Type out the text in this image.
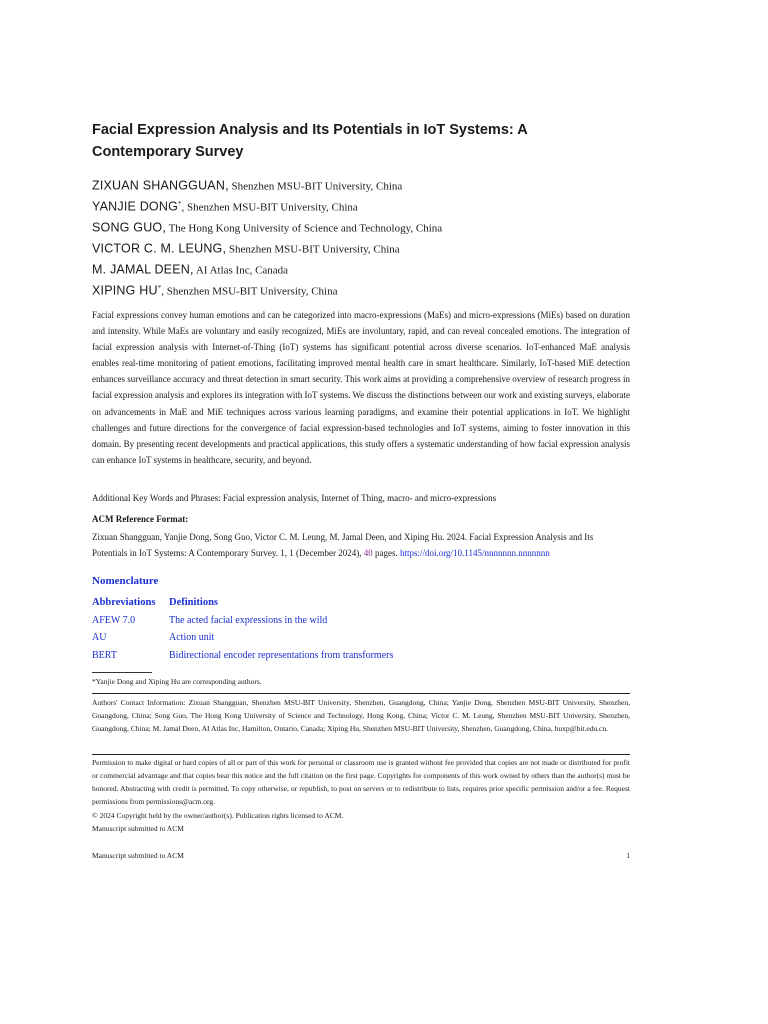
Facial Expression Analysis and Its Potentials in IoT Systems: A Contemporary Survey
ZIXUAN SHANGGUAN, Shenzhen MSU-BIT University, China
YANJIE DONG*, Shenzhen MSU-BIT University, China
SONG GUO, The Hong Kong University of Science and Technology, China
VICTOR C. M. LEUNG, Shenzhen MSU-BIT University, China
M. JAMAL DEEN, AI Atlas Inc, Canada
XIPING HU*, Shenzhen MSU-BIT University, China

Facial expressions convey human emotions and can be categorized into macro-expressions (MaEs) and micro-expressions (MiEs) based on duration and intensity. While MaEs are voluntary and easily recognized, MiEs are involuntary, rapid, and can reveal concealed emotions. The integration of facial expression analysis with Internet-of-Thing (IoT) systems has significant potential across diverse scenarios. IoT-enhanced MaE analysis enables real-time monitoring of patient emotions, facilitating improved mental health care in smart healthcare. Similarly, IoT-based MiE detection enhances surveillance accuracy and threat detection in smart security. This work aims at providing a comprehensive overview of research progress in facial expression analysis and explores its integration with IoT systems. We discuss the distinctions between our work and existing surveys, elaborate on advancements in MaE and MiE techniques across various learning paradigms, and examine their potential applications in IoT. We highlight challenges and future directions for the convergence of facial expression-based technologies and IoT systems, aiming to foster innovation in this domain. By presenting recent developments and practical applications, this study offers a systematic understanding of how facial expression analysis can enhance IoT systems in healthcare, security, and beyond.

Additional Key Words and Phrases: Facial expression analysis, Internet of Thing, macro- and micro-expressions
ACM Reference Format:

Zixuan Shangguan, Yanjie Dong, Song Guo, Victor C. M. Leung, M. Jamal Deen, and Xiping Hu. 2024. Facial Expression Analysis and Its Potentials in IoT Systems: A Contemporary Survey. 1, 1 (December 2024), 40 pages. https://doi.org/10.1145/nnnnnnn.nnnnnnn

Nomenclature
Abbreviations	Definitions
AFEW 7.0	The acted facial expressions in the wild
AU	Action unit
BERT	Bidirectional encoder representations from transformers
*Yanjie Dong and Xiping Hu are corresponding authors.

Authors' Contact Information: Zixuan Shangguan, Shenzhen MSU-BIT University, Shenzhen, Guangdong, China; Yanjie Dong, Shenzhen MSU-BIT University, Shenzhen, Guangdong, China; Song Guo, The Hong Kong University of Science and Technology, Hong Kong, China; Victor C. M. Leung, Shenzhen MSU-BIT University, Shenzhen, Guangdong, China; M. Jamal Deen, AI Atlas Inc, Hamilton, Ontario, Canada; Xiping Hu, Shenzhen MSU-BIT University, Shenzhen, Guangdong, China, huxp@bit.edu.cn.

Permission to make digital or hard copies of all or part of this work for personal or classroom use is granted without fee provided that copies are not made or distributed for profit or commercial advantage and that copies bear this notice and the full citation on the first page. Copyrights for components of this work owned by others than the author(s) must be honored. Abstracting with credit is permitted. To copy otherwise, or republish, to post on servers or to redistribute to lists, requires prior specific permission and/or a fee. Request permissions from permissions@acm.org.

© 2024 Copyright held by the owner/author(s). Publication rights licensed to ACM.
Manuscript submitted to ACM
Manuscript submitted to ACM	1
